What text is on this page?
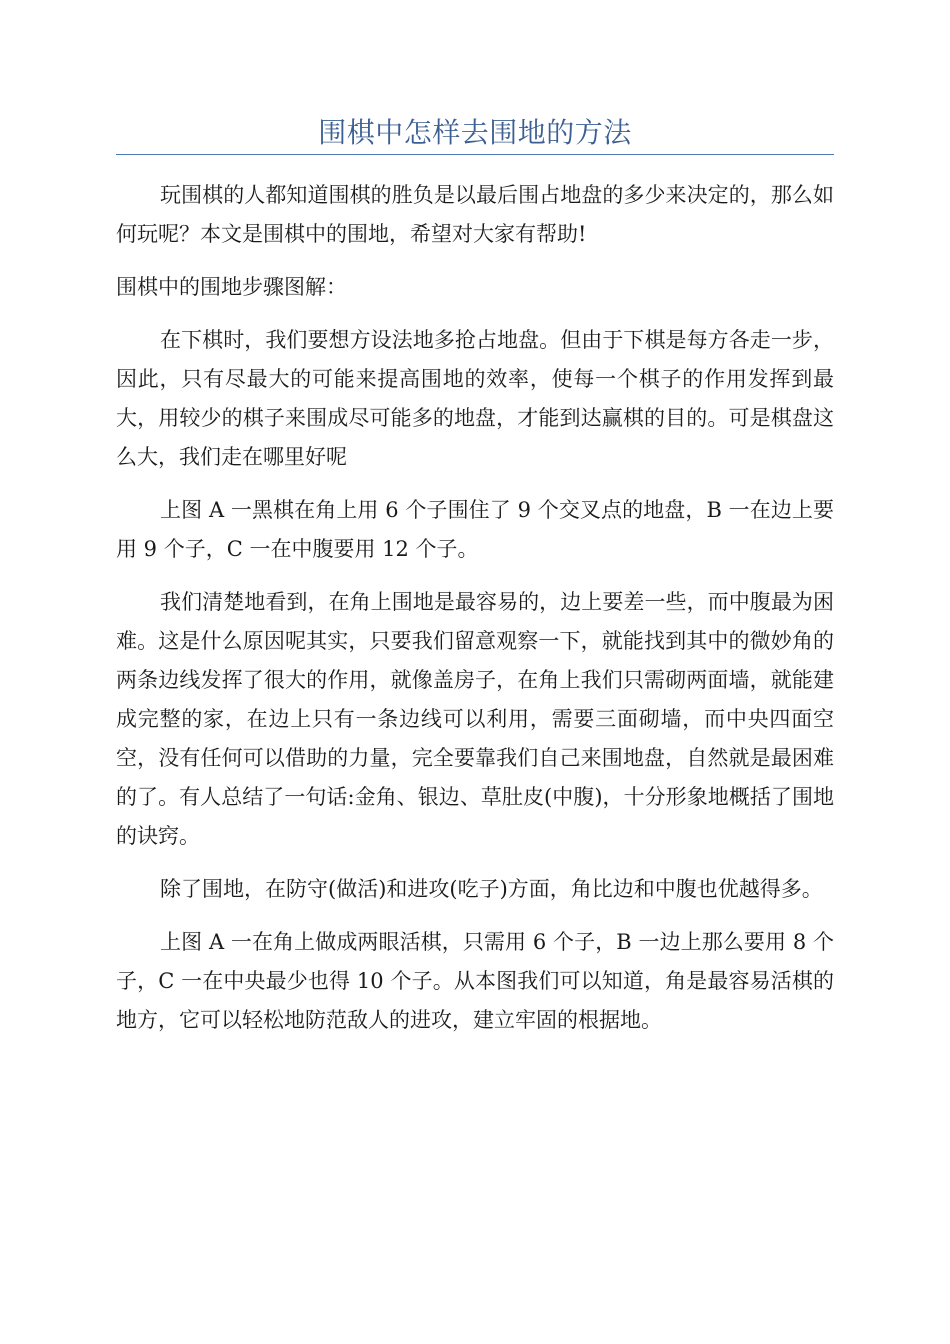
围棋中怎样去围地的方法

玩围棋的人都知道围棋的胜负是以最后围占地盘的多少来决定的，那么如何玩呢？本文是围棋中的围地，希望对大家有帮助!

围棋中的围地步骤图解：

在下棋时，我们要想方设法地多抢占地盘。但由于下棋是每方各走一步，因此，只有尽最大的可能来提高围地的效率，使每一个棋子的作用发挥到最大，用较少的棋子来围成尽可能多的地盘，才能到达赢棋的目的。可是棋盘这么大，我们走在哪里好呢

上图 A 一黑棋在角上用 6 个子围住了 9 个交叉点的地盘，B 一在边上要用 9 个子，C 一在中腹要用 12 个子。

我们清楚地看到，在角上围地是最容易的，边上要差一些，而中腹最为困难。这是什么原因呢其实，只要我们留意观察一下，就能找到其中的微妙角的两条边线发挥了很大的作用，就像盖房子，在角上我们只需砌两面墙，就能建成完整的家，在边上只有一条边线可以利用，需要三面砌墙，而中央四面空空，没有任何可以借助的力量，完全要靠我们自己来围地盘，自然就是最困难的了。有人总结了一句话:金角、银边、草肚皮(中腹)，十分形象地概括了围地的诀窍。

除了围地，在防守(做活)和进攻(吃子)方面，角比边和中腹也优越得多。

上图 A 一在角上做成两眼活棋，只需用 6 个子，B 一边上那么要用 8 个子，C 一在中央最少也得 10 个子。从本图我们可以知道，角是最容易活棋的地方，它可以轻松地防范敌人的进攻，建立牢固的根据地。
